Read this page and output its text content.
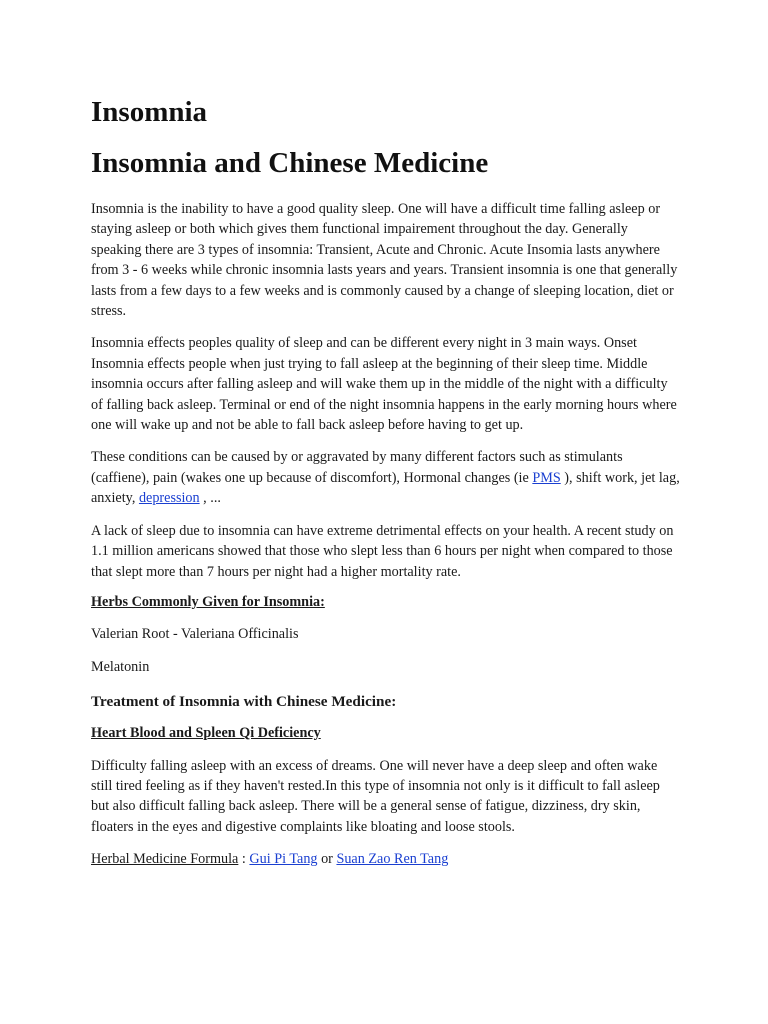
Insomnia
Insomnia and Chinese Medicine

Insomnia is the inability to have a good quality sleep. One will have a difficult time falling asleep or staying asleep or both which gives them functional impairement throughout the day. Generally speaking there are 3 types of insomnia: Transient, Acute and Chronic. Acute Insomia lasts anywhere from 3 - 6 weeks while chronic insomnia lasts years and years. Transient insomnia is one that generally lasts from a few days to a few weeks and is commonly caused by a change of sleeping location, diet or stress.

Insomnia effects peoples quality of sleep and can be different every night in 3 main ways. Onset Insomnia effects people when just trying to fall asleep at the beginning of their sleep time. Middle insomnia occurs after falling asleep and will wake them up in the middle of the night with a difficulty of falling back asleep. Terminal or end of the night insomnia happens in the early morning hours where one will wake up and not be able to fall back asleep before having to get up.

These conditions can be caused by or aggravated by many different factors such as stimulants (caffiene), pain (wakes one up because of discomfort), Hormonal changes (ie PMS ), shift work, jet lag, anxiety, depression , ...

A lack of sleep due to insomnia can have extreme detrimental effects on your health. A recent study on 1.1 million americans showed that those who slept less than 6 hours per night when compared to those that slept more than 7 hours per night had a higher mortality rate.

Herbs Commonly Given for Insomnia:

Valerian Root - Valeriana Officinalis

Melatonin

Treatment of Insomnia with Chinese Medicine:

Heart Blood and Spleen Qi Deficiency

Difficulty falling asleep with an excess of dreams. One will never have a deep sleep and often wake still tired feeling as if they haven't rested.In this type of insomnia not only is it difficult to fall asleep but also difficult falling back asleep. There will be a general sense of fatigue, dizziness, dry skin, floaters in the eyes and digestive complaints like bloating and loose stools.

Herbal Medicine Formula : Gui Pi Tang or Suan Zao Ren Tang
